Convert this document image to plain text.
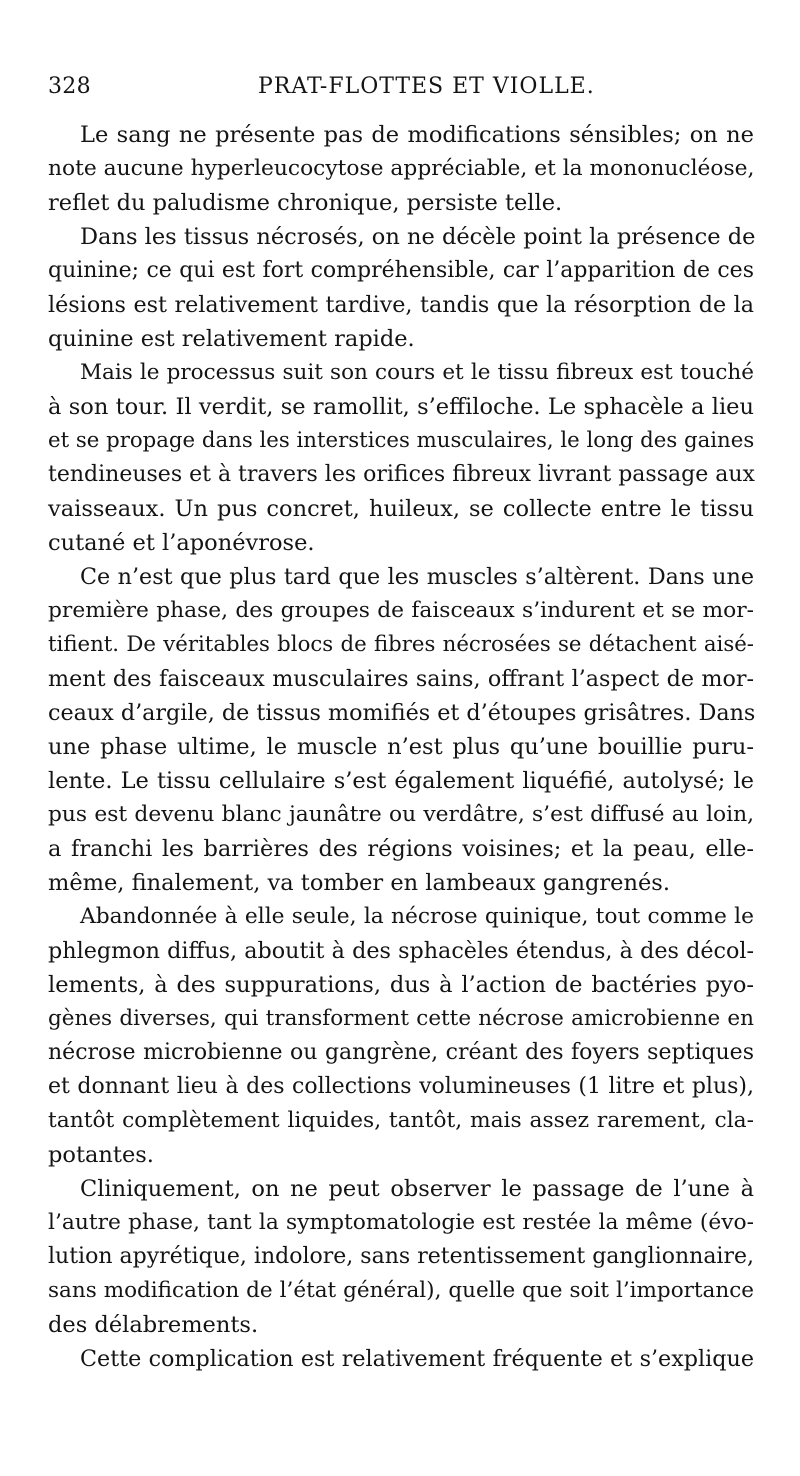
328	PRAT-FLOTTES ET VIOLLE.
Le sang ne présente pas de modifications sénsibles; on ne
note aucune hyperleucocytose appréciable, et la mononucléose,
reflet du paludisme chronique, persiste telle.
Dans les tissus nécrosés, on ne décèle point la présence de
quinine; ce qui est fort compréhensible, car l’apparition de ces
lésions est relativement tardive, tandis que la résorption de la
quinine est relativement rapide.
Mais le processus suit son cours et le tissu fibreux est touché
à son tour. Il verdit, se ramollit, s’effiloche. Le sphacèle a lieu
et se propage dans les interstices musculaires, le long des gaines
tendineuses et à travers les orifices fibreux livrant passage aux
vaisseaux. Un pus concret, huileux, se collecte entre le tissu
cutané et l’aponévrose.
Ce n’est que plus tard que les muscles s’altèrent. Dans une
première phase, des groupes de faisceaux s’indurent et se mor-
tifient. De véritables blocs de fibres nécrosées se détachent aisé-
ment des faisceaux musculaires sains, offrant l’aspect de mor-
ceaux d’argile, de tissus momifiés et d’étoupes grisâtres. Dans
une phase ultime, le muscle n’est plus qu’une bouillie puru-
lente. Le tissu cellulaire s’est également liquéfié, autolysé; le
pus est devenu blanc jaunâtre ou verdâtre, s’est diffusé au loin,
a franchi les barrières des régions voisines; et la peau, elle-
même, finalement, va tomber en lambeaux gangrenés.
Abandonnée à elle seule, la nécrose quinique, tout comme le
phlegmon diffus, aboutit à des sphacèles étendus, à des décol-
lements, à des suppurations, dus à l’action de bactéries pyo-
gènes diverses, qui transforment cette nécrose amicrobienne en
nécrose microbienne ou gangrène, créant des foyers septiques
et donnant lieu à des collections volumineuses (1 litre et plus),
tantôt complètement liquides, tantôt, mais assez rarement, cla-
potantes.
Cliniquement, on ne peut observer le passage de l’une à
l’autre phase, tant la symptomatologie est restée la même (évo-
lution apyrétique, indolore, sans retentissement ganglionnaire,
sans modification de l’état général), quelle que soit l’importance
des délabrements.
Cette complication est relativement fréquente et s’explique
